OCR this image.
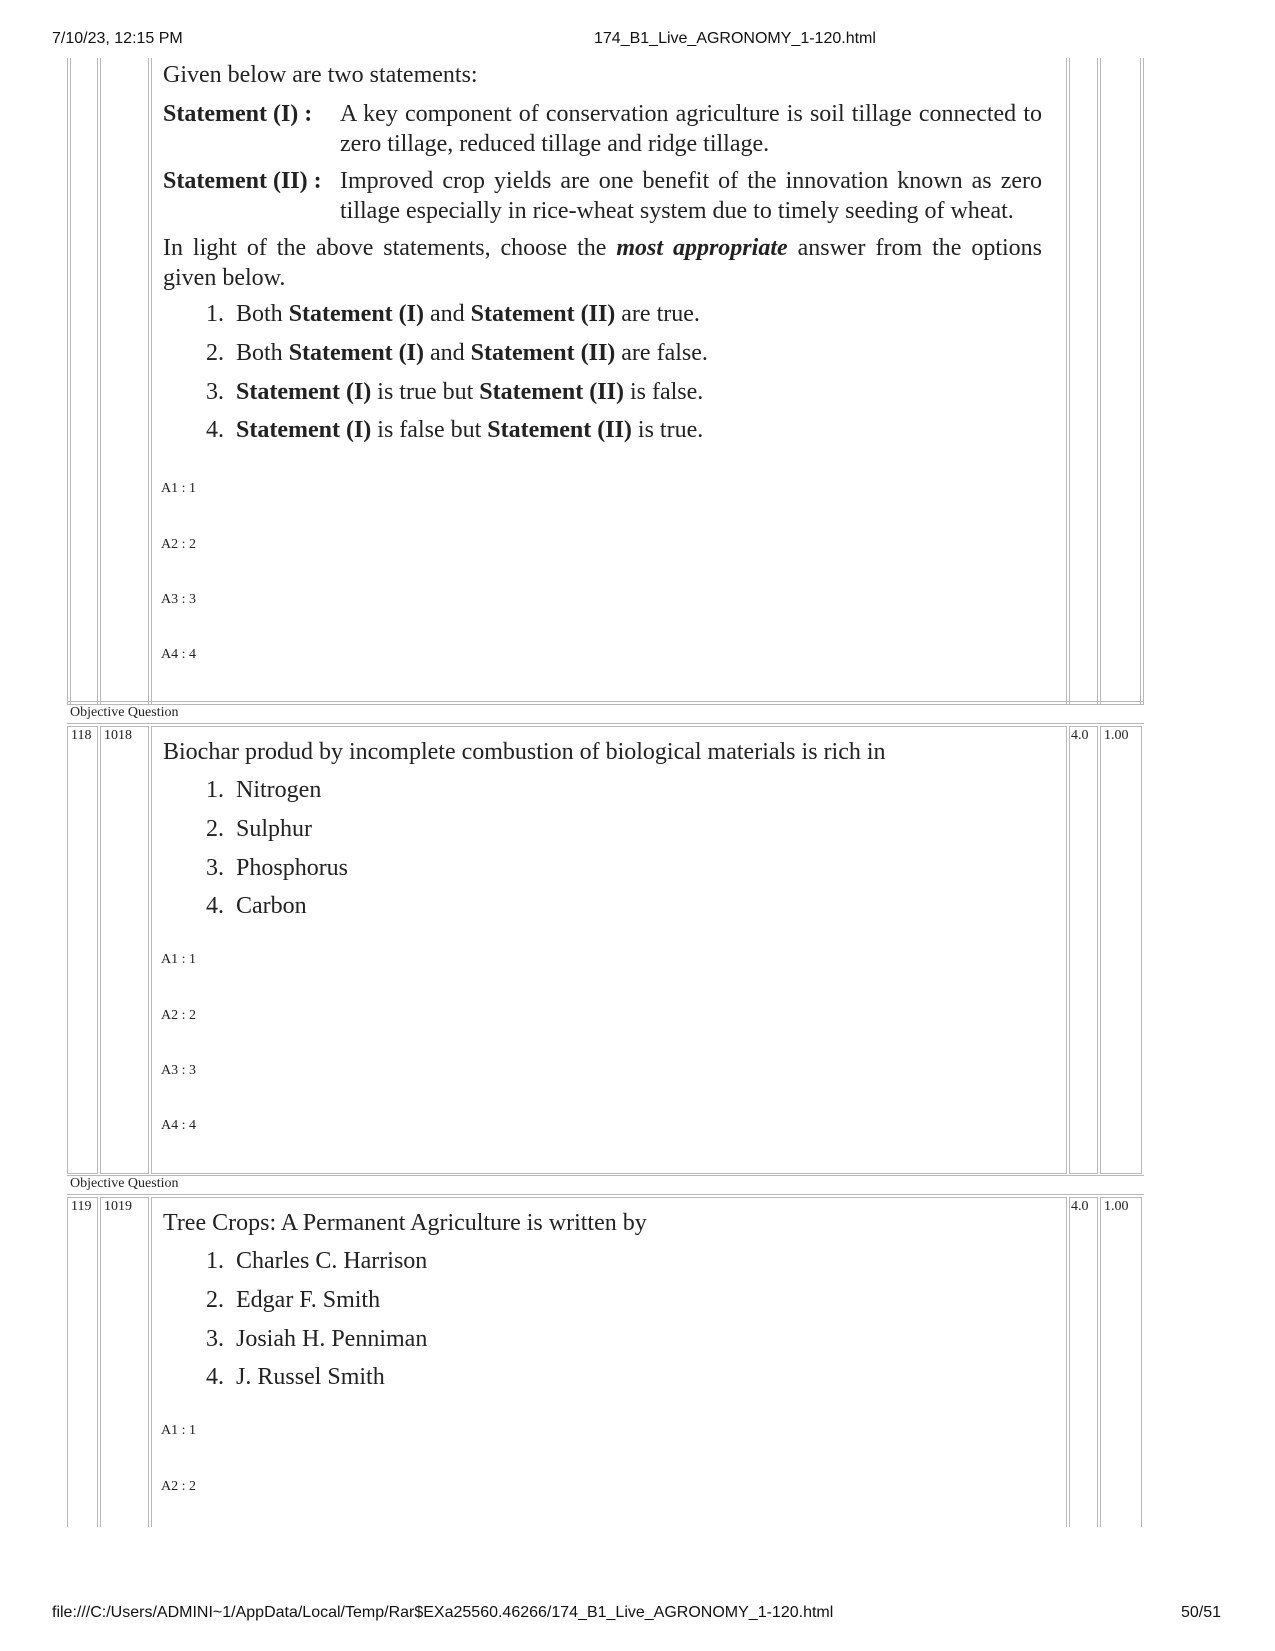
7/10/23, 12:15 PM	174_B1_Live_AGRONOMY_1-120.html
Given below are two statements:
Statement (I) : A key component of conservation agriculture is soil tillage connected to zero tillage, reduced tillage and ridge tillage.
Statement (II) : Improved crop yields are one benefit of the innovation known as zero tillage especially in rice-wheat system due to timely seeding of wheat.
In light of the above statements, choose the most appropriate answer from the options given below.
1. Both Statement (I) and Statement (II) are true.
2. Both Statement (I) and Statement (II) are false.
3. Statement (I) is true but Statement (II) is false.
4. Statement (I) is false but Statement (II) is true.
A1 : 1
A2 : 2
A3 : 3
A4 : 4
Objective Question
118 1018	4.0 1.00
Biochar produd by incomplete combustion of biological materials is rich in
1. Nitrogen
2. Sulphur
3. Phosphorus
4. Carbon
A1 : 1
A2 : 2
A3 : 3
A4 : 4
Objective Question
119 1019	4.0 1.00
Tree Crops: A Permanent Agriculture is written by
1. Charles C. Harrison
2. Edgar F. Smith
3. Josiah H. Penniman
4. J. Russel Smith
A1 : 1
A2 : 2
file:///C:/Users/ADMINI~1/AppData/Local/Temp/Rar$EXa25560.46266/174_B1_Live_AGRONOMY_1-120.html	50/51
